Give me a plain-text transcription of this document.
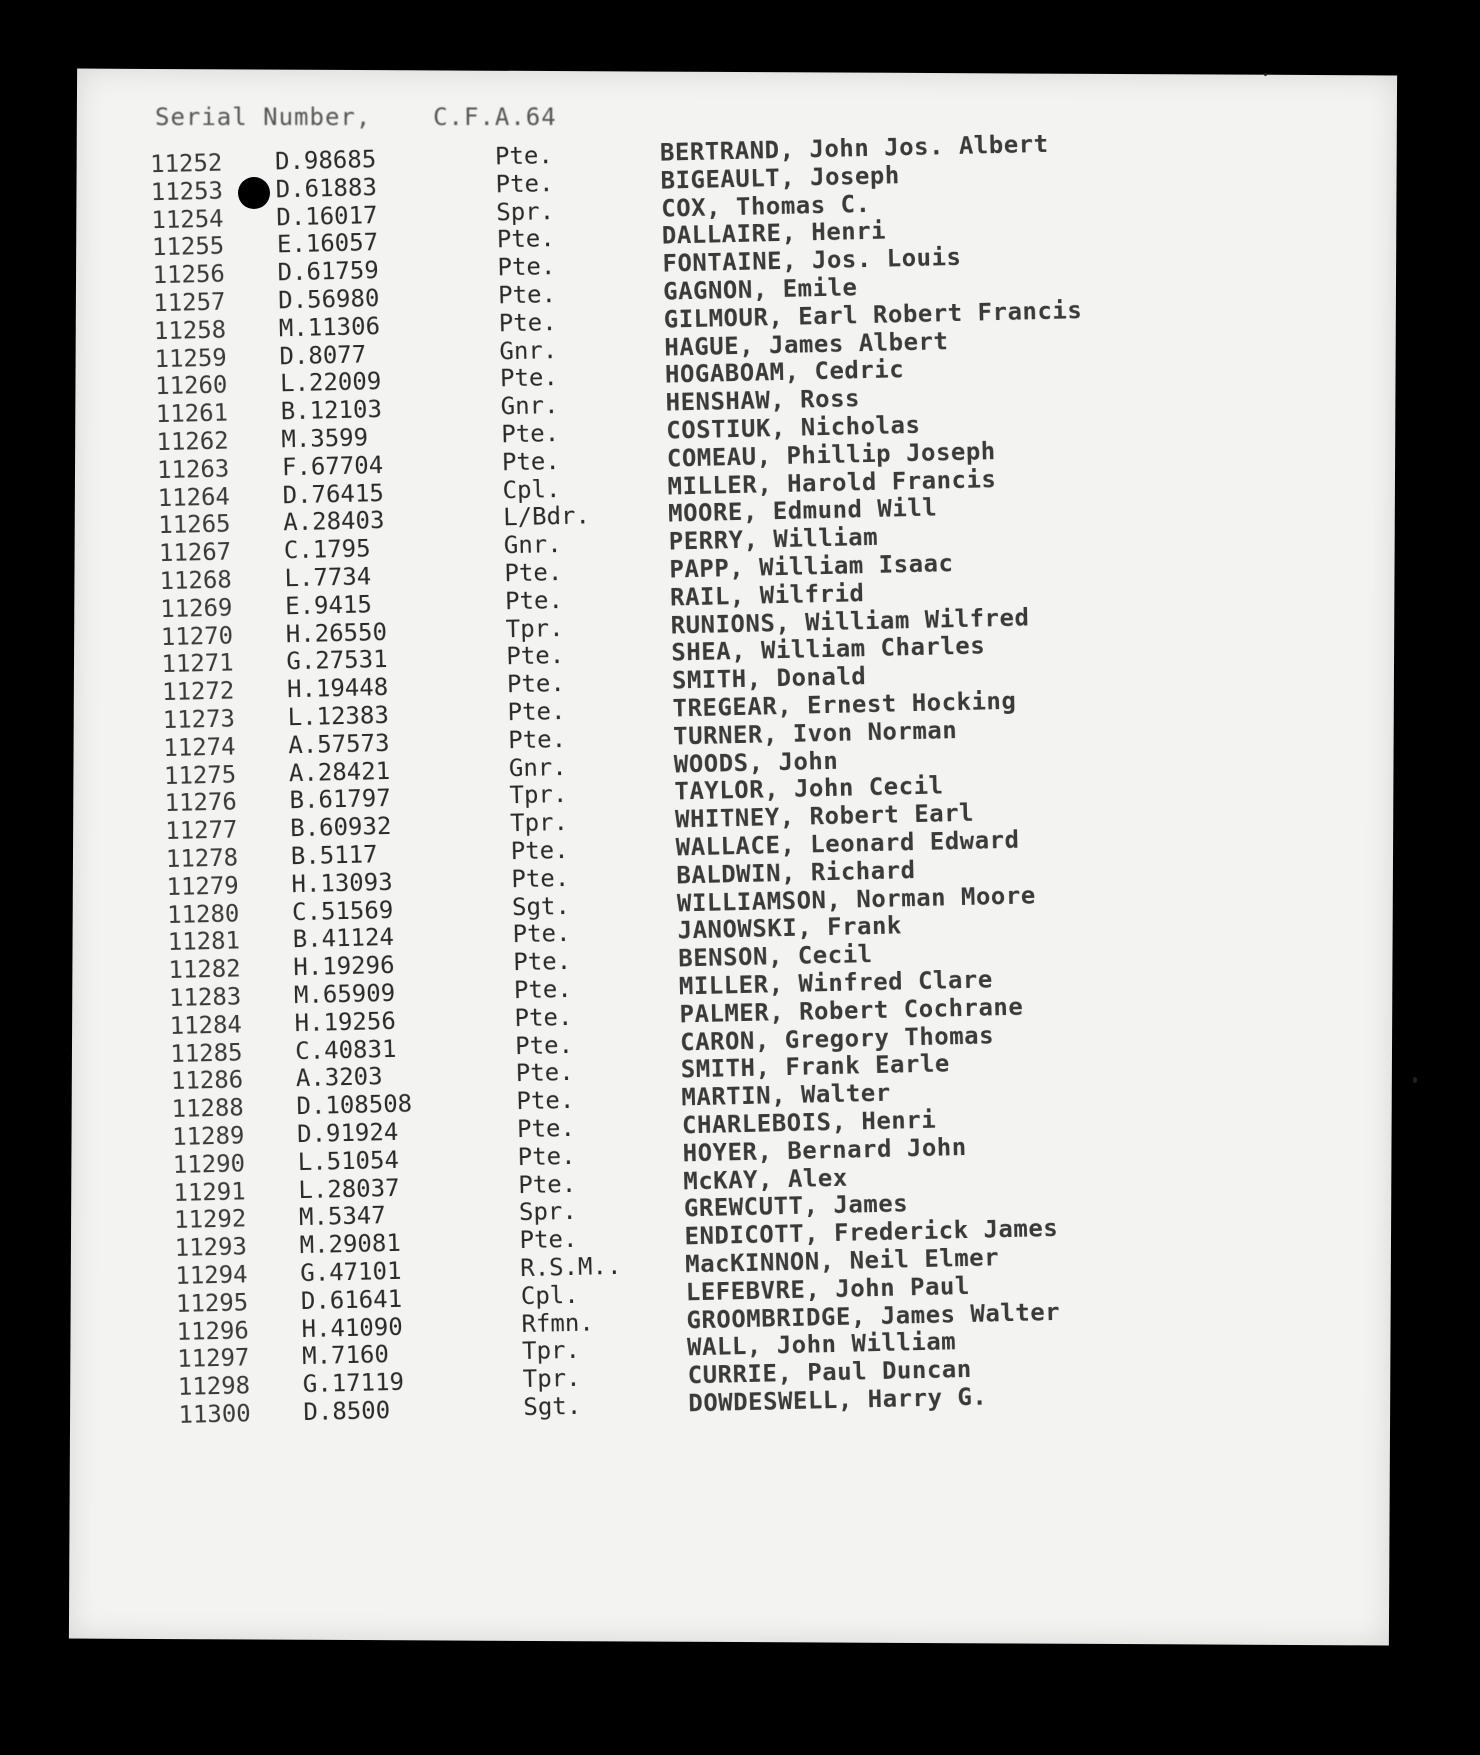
Serial Number,	C.F.A.64
11252 D.98685	Pte.	BERTRAND, John Jos. Albert
11253 D.61883	Pte.	BIGEAULT, Joseph
11254 D.16017	Spr.	COX, Thomas C.
11255 E.16057	Pte.	DALLAIRE, Henri
11256 D.61759	Pte.	FONTAINE, Jos. Louis
11257 D.56980	Pte.	GAGNON, Emile
11258 M.11306	Pte.	GILMOUR, Earl Robert Francis
11259 D.8077	Gnr.	HAGUE, James Albert
11260 L.22009	Pte.	HOGABOAM, Cedric
11261 B.12103	Gnr.	HENSHAW, Ross
11262 M.3599	Pte.	COSTIUK, Nicholas
11263 F.67704	Pte.	COMEAU, Phillip Joseph
11264 D.76415	Cpl.	MILLER, Harold Francis
11265 A.28403	L/Bdr.	MOORE, Edmund Will
11267 C.1795	Gnr.	PERRY, William
11268 L.7734	Pte.	PAPP, William Isaac
11269 E.9415	Pte.	RAIL, Wilfrid
11270 H.26550	Tpr.	RUNIONS, William Wilfred
11271 G.27531	Pte.	SHEA, William Charles
11272 H.19448	Pte.	SMITH, Donald
11273 L.12383	Pte.	TREGEAR, Ernest Hocking
11274 A.57573	Pte.	TURNER, Ivon Norman
11275 A.28421	Gnr.	WOODS, John
11276 B.61797	Tpr.	TAYLOR, John Cecil
11277 B.60932	Tpr.	WHITNEY, Robert Earl
11278 B.5117	Pte.	WALLACE, Leonard Edward
11279 H.13093	Pte.	BALDWIN, Richard
11280 C.51569	Sgt.	WILLIAMSON, Norman Moore
11281 B.41124	Pte.	JANOWSKI, Frank
11282 H.19296	Pte.	BENSON, Cecil
11283 M.65909	Pte.	MILLER, Winfred Clare
11284 H.19256	Pte.	PALMER, Robert Cochrane
11285 C.40831	Pte.	CARON, Gregory Thomas
11286 A.3203	Pte.	SMITH, Frank Earle
11288 D.108508	Pte.	MARTIN, Walter
11289 D.91924	Pte.	CHARLEBOIS, Henri
11290 L.51054	Pte.	HOYER, Bernard John
11291 L.28037	Pte.	McKAY, Alex
11292 M.5347	Spr.	GREWCUTT, James
11293 M.29081	Pte.	ENDICOTT, Frederick James
11294 G.47101	R.S.M..	MacKINNON, Neil Elmer
11295 D.61641	Cpl.	LEFEBVRE, John Paul
11296 H.41090	Rfmn.	GROOMBRIDGE, James Walter
11297 M.7160	Tpr.	WALL, John William
11298 G.17119	Tpr.	CURRIE, Paul Duncan
11300 D.8500	Sgt.	DOWDESWELL, Harry G.
